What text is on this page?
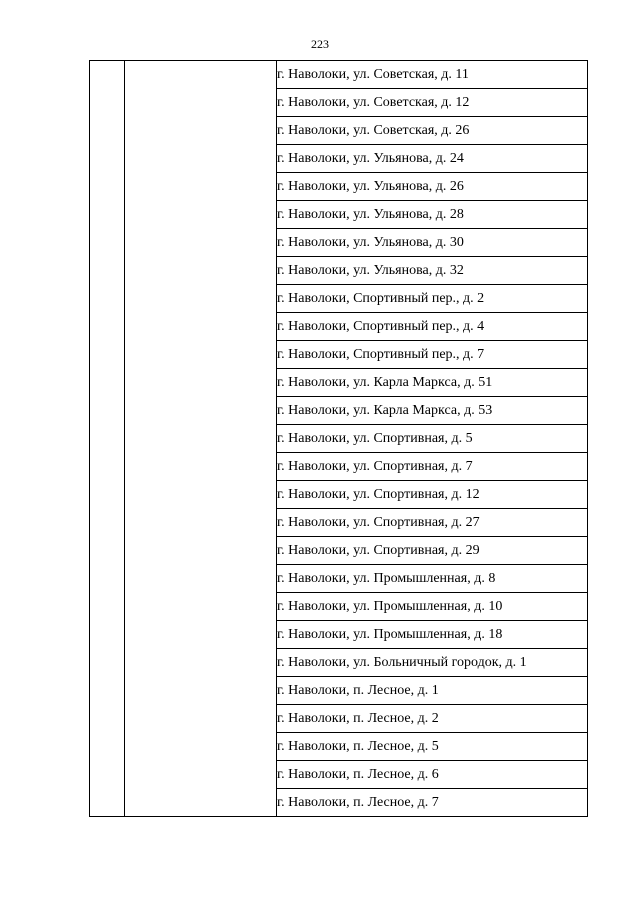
223
		г. Наволоки, ул. Советская, д. 11
г. Наволоки, ул. Советская, д. 12
г. Наволоки, ул. Советская, д. 26
г. Наволоки, ул. Ульянова, д. 24
г. Наволоки, ул. Ульянова, д. 26
г. Наволоки, ул. Ульянова, д. 28
г. Наволоки, ул. Ульянова, д. 30
г. Наволоки, ул. Ульянова, д. 32
г. Наволоки, Спортивный пер., д. 2
г. Наволоки, Спортивный пер., д. 4
г. Наволоки, Спортивный пер., д. 7
г. Наволоки, ул. Карла Маркса, д. 51
г. Наволоки, ул. Карла Маркса, д. 53
г. Наволоки, ул. Спортивная, д. 5
г. Наволоки, ул. Спортивная, д. 7
г. Наволоки, ул. Спортивная, д. 12
г. Наволоки, ул. Спортивная, д. 27
г. Наволоки, ул. Спортивная, д. 29
г. Наволоки, ул. Промышленная, д. 8
г. Наволоки, ул. Промышленная, д. 10
г. Наволоки, ул. Промышленная, д. 18
г. Наволоки, ул. Больничный городок, д. 1
г. Наволоки, п. Лесное, д. 1
г. Наволоки, п. Лесное, д. 2
г. Наволоки, п. Лесное, д. 5
г. Наволоки, п. Лесное, д. 6
г. Наволоки, п. Лесное, д. 7
